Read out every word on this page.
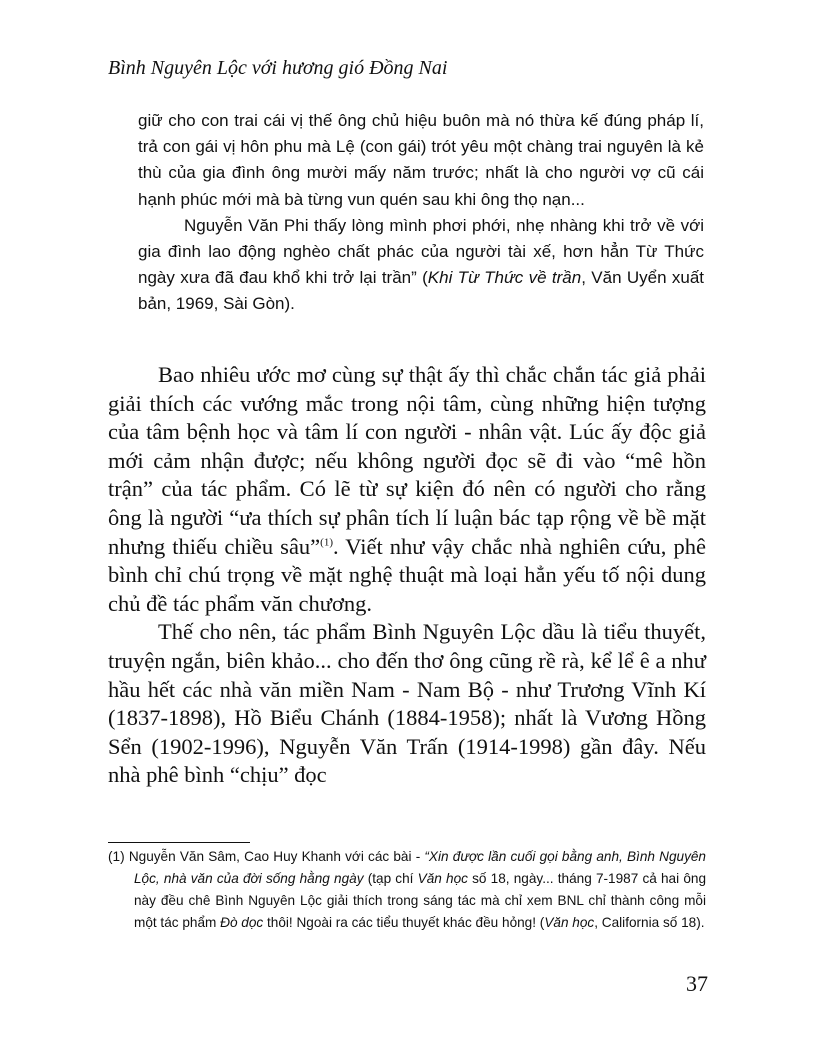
Bình Nguyên Lộc với hương gió Đồng Nai

giữ cho con trai cái vị thế ông chủ hiệu buôn mà nó thừa kế đúng pháp lí, trả con gái vị hôn phu mà Lệ (con gái) trót yêu một chàng trai nguyên là kẻ thù của gia đình ông mười mấy năm trước; nhất là cho người vợ cũ cái hạnh phúc mới mà bà từng vun quén sau khi ông thọ nạn...

Nguyễn Văn Phi thấy lòng mình phơi phới, nhẹ nhàng khi trở về với gia đình lao động nghèo chất phác của người tài xế, hơn hẳn Từ Thức ngày xưa đã đau khổ khi trở lại trần” (Khi Từ Thức về trần, Văn Uyển xuất bản, 1969, Sài Gòn).

Bao nhiêu ước mơ cùng sự thật ấy thì chắc chắn tác giả phải giải thích các vướng mắc trong nội tâm, cùng những hiện tượng của tâm bệnh học và tâm lí con người - nhân vật. Lúc ấy độc giả mới cảm nhận được; nếu không người đọc sẽ đi vào “mê hồn trận” của tác phẩm. Có lẽ từ sự kiện đó nên có người cho rằng ông là người “ưa thích sự phân tích lí luận bác tạp rộng về bề mặt nhưng thiếu chiều sâu”$^{(1)}$. Viết như vậy chắc nhà nghiên cứu, phê bình chỉ chú trọng về mặt nghệ thuật mà loại hẳn yếu tố nội dung chủ đề tác phẩm văn chương.

Thế cho nên, tác phẩm Bình Nguyên Lộc dầu là tiểu thuyết, truyện ngắn, biên khảo... cho đến thơ ông cũng rề rà, kể lể ê a như hầu hết các nhà văn miền Nam - Nam Bộ - như Trương Vĩnh Kí (1837-1898), Hồ Biểu Chánh (1884-1958); nhất là Vương Hồng Sển (1902-1996), Nguyễn Văn Trấn (1914-1998) gần đây. Nếu nhà phê bình “chịu” đọc

(1) Nguyễn Văn Sâm, Cao Huy Khanh với các bài - “Xin được lần cuối gọi bằng anh, Bình Nguyên Lộc, nhà văn của đời sống hằng ngày (tạp chí Văn học số 18, ngày... tháng 7-1987 cả hai ông này đều chê Bình Nguyên Lộc giải thích trong sáng tác mà chỉ xem BNL chỉ thành công mỗi một tác phẩm Đò dọc thôi! Ngoài ra các tiểu thuyết khác đều hỏng! (Văn học, California số 18).
37
